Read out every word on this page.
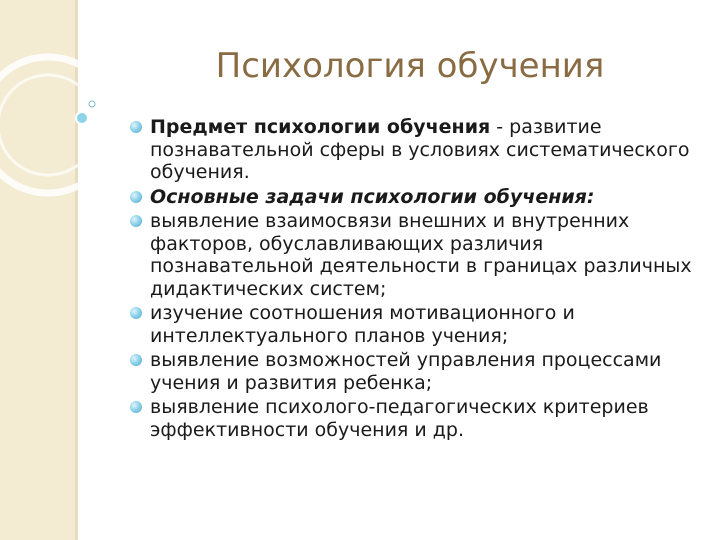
Психология обучения
Предмет психологии обучения - развитие познавательной сферы в условиях систематического обучения.
Основные задачи психологии обучения:
выявление взаимосвязи внешних и внутренних факторов, обуславливающих различия познавательной деятельности в границах различных дидактических систем;
изучение соотношения мотивационного и интеллектуального планов учения;
выявление возможностей управления процессами учения и развития ребенка;
выявление психолого-педагогических критериев эффективности обучения и др.
